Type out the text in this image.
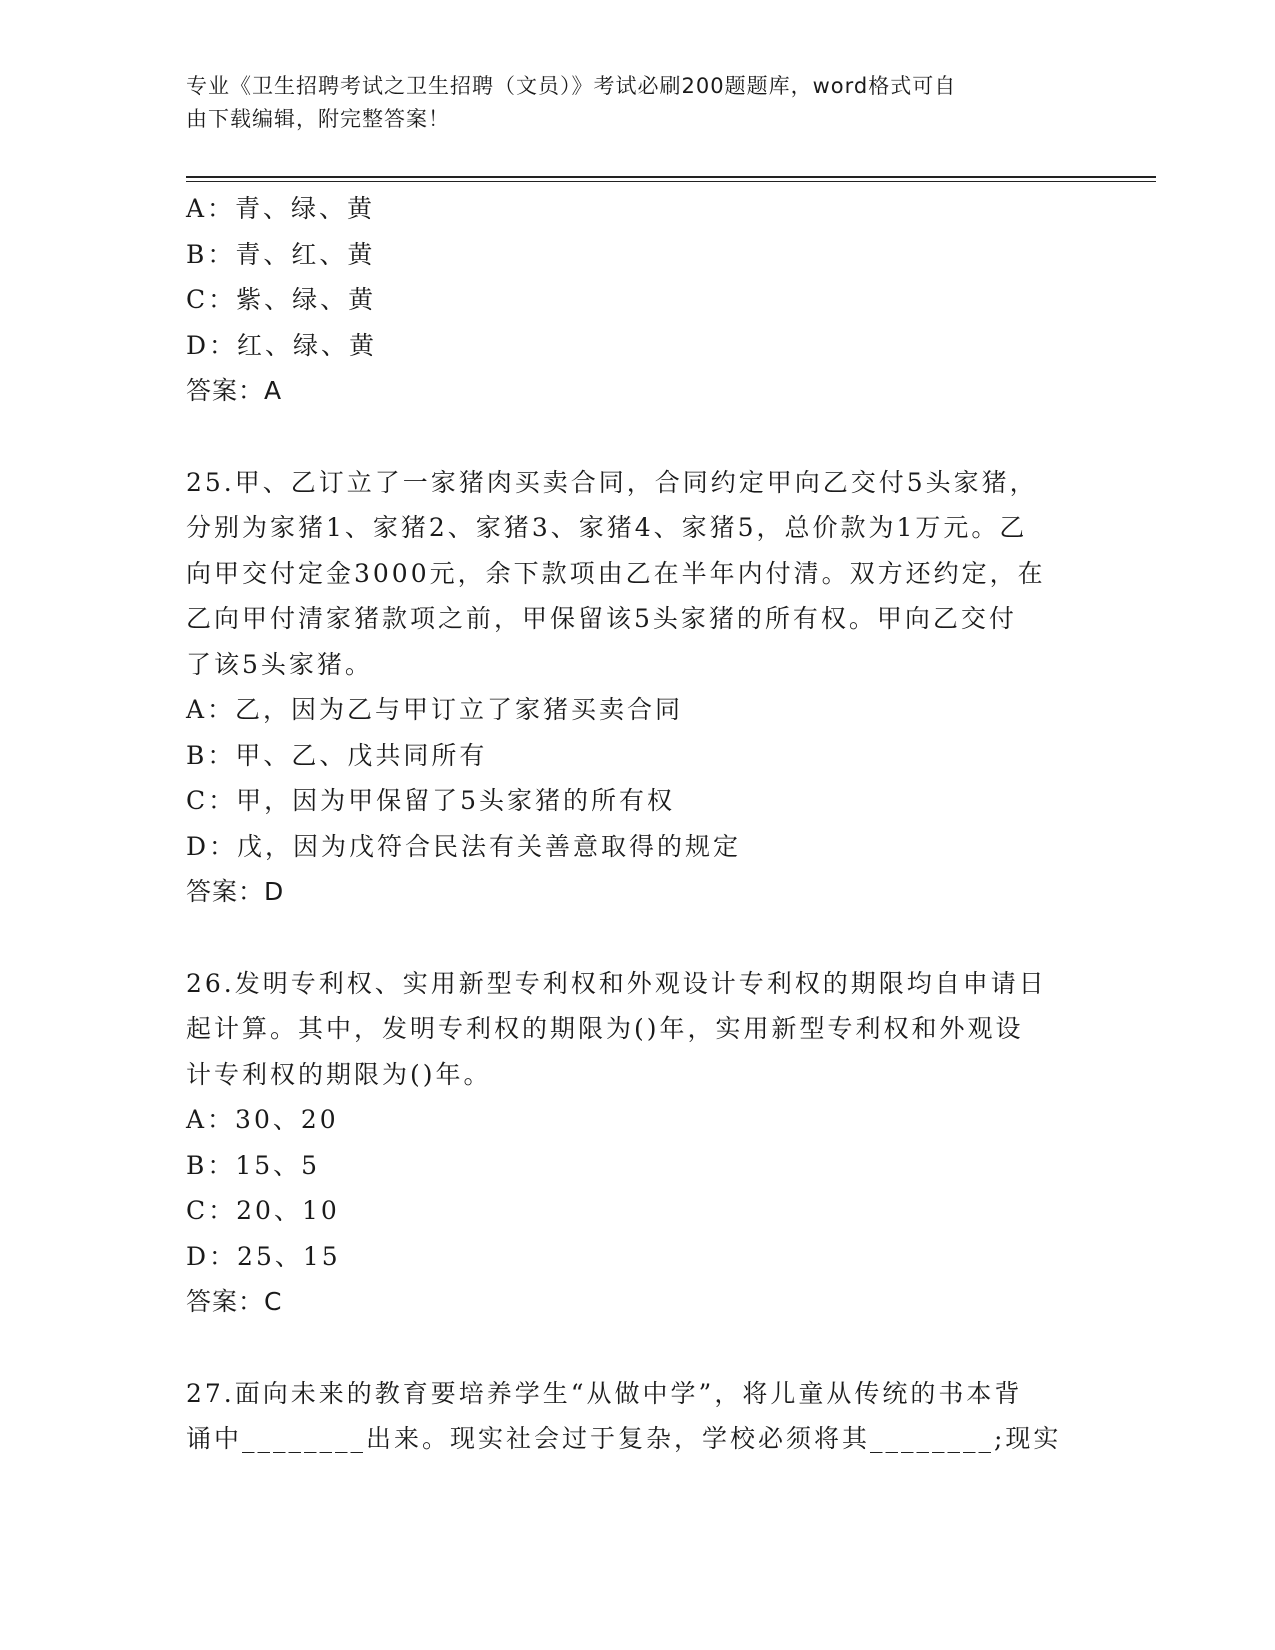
专业《卫生招聘考试之卫生招聘（文员）》考试必刷200题题库，word格式可自
由下载编辑，附完整答案！

A：青、绿、黄

B：青、红、黄

C：紫、绿、黄

D：红、绿、黄

答案：A

25.甲、乙订立了一家猪肉买卖合同，合同约定甲向乙交付5头家猪，

分别为家猪1、家猪2、家猪3、家猪4、家猪5，总价款为1万元。乙

向甲交付定金3000元，余下款项由乙在半年内付清。双方还约定，在

乙向甲付清家猪款项之前，甲保留该5头家猪的所有权。甲向乙交付

了该5头家猪。

A：乙，因为乙与甲订立了家猪买卖合同

B：甲、乙、戊共同所有

C：甲，因为甲保留了5头家猪的所有权

D：戊，因为戊符合民法有关善意取得的规定

答案：D

26.发明专利权、实用新型专利权和外观设计专利权的期限均自申请日

起计算。其中，发明专利权的期限为()年，实用新型专利权和外观设

计专利权的期限为()年。

A：30、20

B：15、5

C：20、10

D：25、15

答案：C

27.面向未来的教育要培养学生“从做中学”，将儿童从传统的书本背

诵中________出来。现实社会过于复杂，学校必须将其________;现实
